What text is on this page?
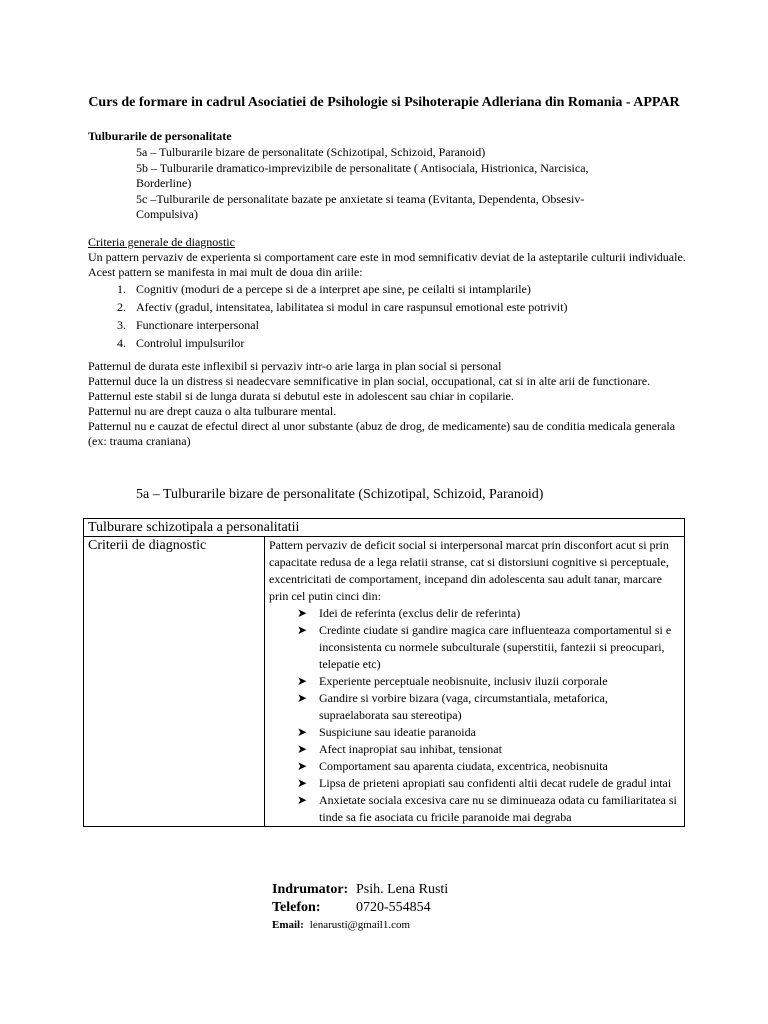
Curs de formare in cadrul Asociatiei de Psihologie si Psihoterapie Adleriana din Romania - APPAR
Tulburarile de personalitate
5a – Tulburarile bizare de personalitate (Schizotipal, Schizoid, Paranoid)
5b – Tulburarile dramatico-imprevizibile de personalitate ( Antisociala, Histrionica, Narcisica, Borderline)
5c –Tulburarile de personalitate bazate pe anxietate si teama (Evitanta, Dependenta, Obsesiv-Compulsiva)
Criteria generale de diagnostic
Un pattern pervaziv de experienta si comportament care este in mod semnificativ deviat de la asteptarile culturii individuale. Acest pattern se manifesta in mai mult de doua din ariile:
1. Cognitiv (moduri de a percepe si de a interpret ape sine, pe ceilalti si intamplarile)
2. Afectiv (gradul, intensitatea, labilitatea si modul in care raspunsul emotional este potrivit)
3. Functionare interpersonal
4. Controlul impulsurilor
Patternul de durata este inflexibil si pervaziv intr-o arie larga in plan social si personal
Patternul duce la un distress si neadecvare semnificative in plan social, occupational, cat si in alte arii de functionare.
Patternul este stabil si de lunga durata si debutul este in adolescent sau chiar in copilarie.
Patternul nu are drept cauza o alta tulburare mental.
Patternul nu e cauzat de efectul direct al unor substante (abuz de drog, de medicamente) sau de conditia medicala generala (ex: trauma craniana)
5a – Tulburarile bizare de personalitate (Schizotipal, Schizoid, Paranoid)
Tulburare schizotipala a personalitatii
Criterii de diagnostic	Pattern pervaziv de deficit social si interpersonal marcat prin disconfort acut si prin capacitate redusa de a lega relatii stranse, cat si distorsiuni cognitive si perceptuale, excentricitati de comportament, incepand din adolescenta sau adult tanar, marcare prin cel putin cinci din:
➤ Idei de referinta (exclus delir de referinta)
➤ Credinte ciudate si gandire magica care influenteaza comportamentul si e inconsistenta cu normele subculturale (superstitii, fantezii si preocupari, telepatie etc)
➤ Experiente perceptuale neobisnuite, inclusiv iluzii corporale
➤ Gandire si vorbire bizara (vaga, circumstantiala, metaforica, supraelaborata sau stereotipa)
➤ Suspiciune sau ideatie paranoida
➤ Afect inapropiat sau inhibat, tensionat
➤ Comportament sau aparenta ciudata, excentrica, neobisnuita
➤ Lipsa de prieteni apropiati sau confidenti altii decat rudele de gradul intai
➤ Anxietate sociala excesiva care nu se diminueaza odata cu familiaritatea si tinde sa fie asociata cu fricile paranoide mai degraba
Indrumator: Psih. Lena Rusti
Telefon:	0720-554854
Email: lenarusti@gmail1.com
